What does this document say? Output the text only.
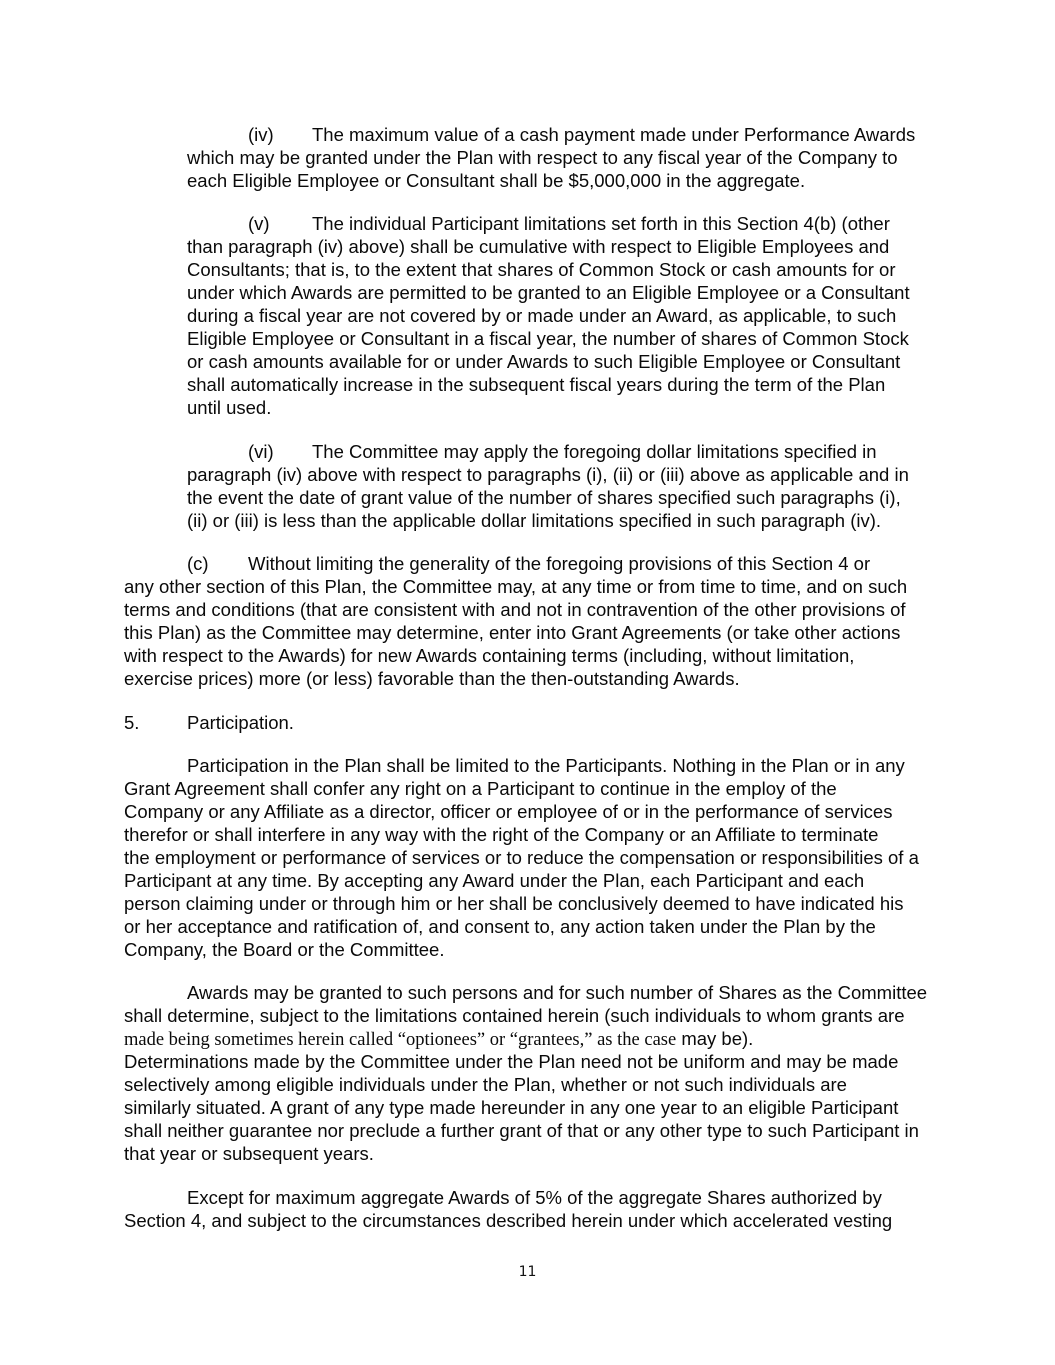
(iv) The maximum value of a cash payment made under Performance Awards
which may be granted under the Plan with respect to any fiscal year of the Company to
each Eligible Employee or Consultant shall be $5,000,000 in the aggregate.
(v) The individual Participant limitations set forth in this Section 4(b) (other
than paragraph (iv) above) shall be cumulative with respect to Eligible Employees and
Consultants; that is, to the extent that shares of Common Stock or cash amounts for or
under which Awards are permitted to be granted to an Eligible Employee or a Consultant
during a fiscal year are not covered by or made under an Award, as applicable, to such
Eligible Employee or Consultant in a fiscal year, the number of shares of Common Stock
or cash amounts available for or under Awards to such Eligible Employee or Consultant
shall automatically increase in the subsequent fiscal years during the term of the Plan
until used.
(vi) The Committee may apply the foregoing dollar limitations specified in
paragraph (iv) above with respect to paragraphs (i), (ii) or (iii) above as applicable and in
the event the date of grant value of the number of shares specified such paragraphs (i),
(ii) or (iii) is less than the applicable dollar limitations specified in such paragraph (iv).
(c) Without limiting the generality of the foregoing provisions of this Section 4 or
any other section of this Plan, the Committee may, at any time or from time to time, and on such
terms and conditions (that are consistent with and not in contravention of the other provisions of
this Plan) as the Committee may determine, enter into Grant Agreements (or take other actions
with respect to the Awards) for new Awards containing terms (including, without limitation,
exercise prices) more (or less) favorable than the then-outstanding Awards.
5.	Participation.
Participation in the Plan shall be limited to the Participants. Nothing in the Plan or in any
Grant Agreement shall confer any right on a Participant to continue in the employ of the
Company or any Affiliate as a director, officer or employee of or in the performance of services
therefor or shall interfere in any way with the right of the Company or an Affiliate to terminate
the employment or performance of services or to reduce the compensation or responsibilities of a
Participant at any time. By accepting any Award under the Plan, each Participant and each
person claiming under or through him or her shall be conclusively deemed to have indicated his
or her acceptance and ratification of, and consent to, any action taken under the Plan by the
Company, the Board or the Committee.
Awards may be granted to such persons and for such number of Shares as the Committee
shall determine, subject to the limitations contained herein (such individuals to whom grants are
made being sometimes herein called “optionees” or “grantees,” as the case may be).
Determinations made by the Committee under the Plan need not be uniform and may be made
selectively among eligible individuals under the Plan, whether or not such individuals are
similarly situated. A grant of any type made hereunder in any one year to an eligible Participant
shall neither guarantee nor preclude a further grant of that or any other type to such Participant in
that year or subsequent years.
Except for maximum aggregate Awards of 5% of the aggregate Shares authorized by
Section 4, and subject to the circumstances described herein under which accelerated vesting
11
